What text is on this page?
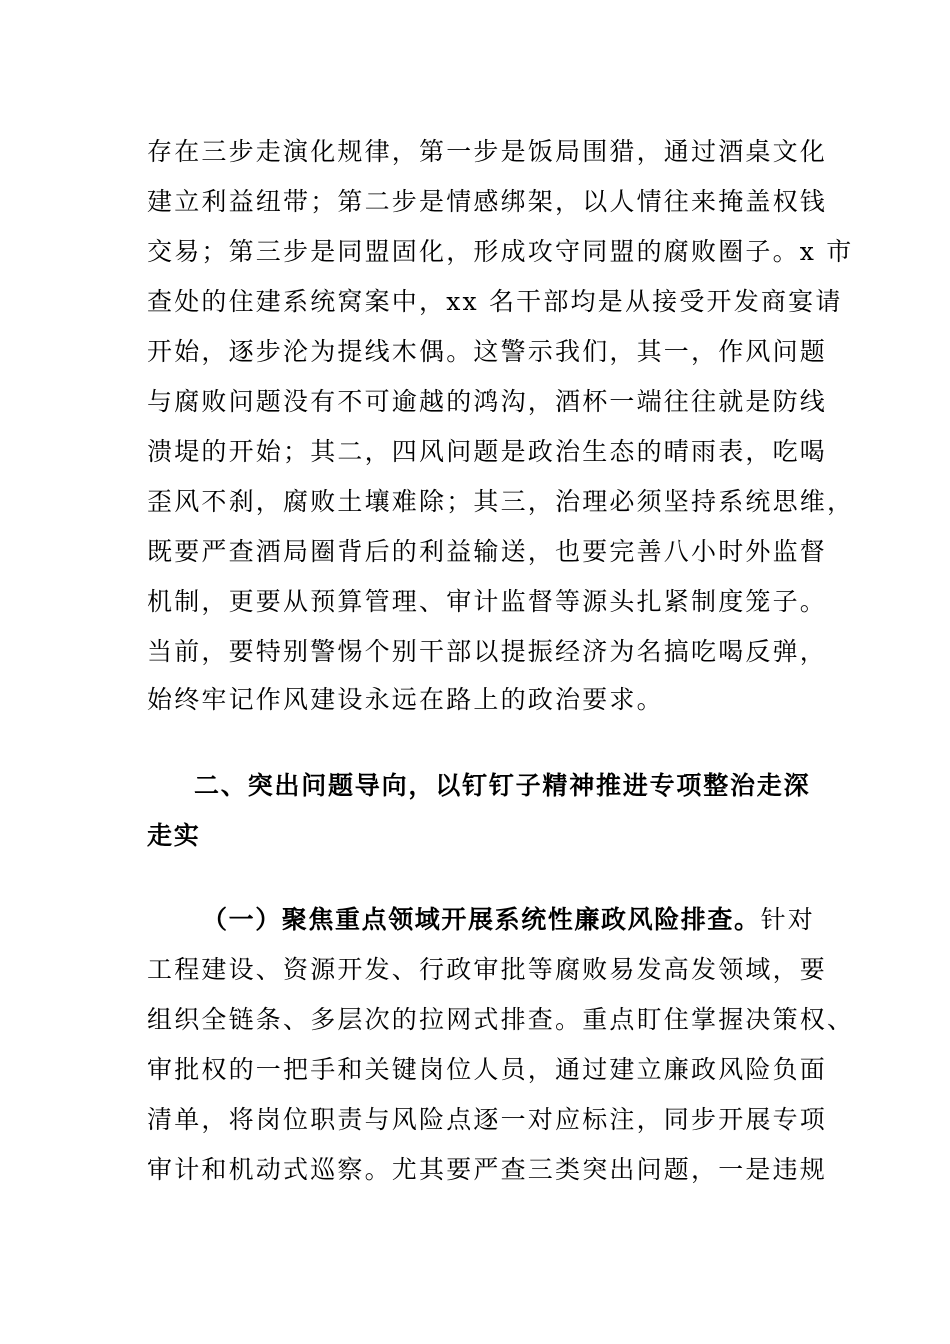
存在三步走演化规律，第一步是饭局围猎，通过酒桌文化
建立利益纽带；第二步是情感绑架，以人情往来掩盖权钱
交易；第三步是同盟固化，形成攻守同盟的腐败圈子。x 市
查处的住建系统窝案中，xx 名干部均是从接受开发商宴请
开始，逐步沦为提线木偶。这警示我们，其一，作风问题
与腐败问题没有不可逾越的鸿沟，酒杯一端往往就是防线
溃堤的开始；其二，四风问题是政治生态的晴雨表，吃喝
歪风不刹，腐败土壤难除；其三，治理必须坚持系统思维，
既要严查酒局圈背后的利益输送，也要完善八小时外监督
机制，更要从预算管理、审计监督等源头扎紧制度笼子。
当前，要特别警惕个别干部以提振经济为名搞吃喝反弹，
始终牢记作风建设永远在路上的政治要求。
二、突出问题导向，以钉钉子精神推进专项整治走深
走实
（一）聚焦重点领域开展系统性廉政风险排查。针对
工程建设、资源开发、行政审批等腐败易发高发领域，要
组织全链条、多层次的拉网式排查。重点盯住掌握决策权、
审批权的一把手和关键岗位人员，通过建立廉政风险负面
清单，将岗位职责与风险点逐一对应标注，同步开展专项
审计和机动式巡察。尤其要严查三类突出问题，一是违规
